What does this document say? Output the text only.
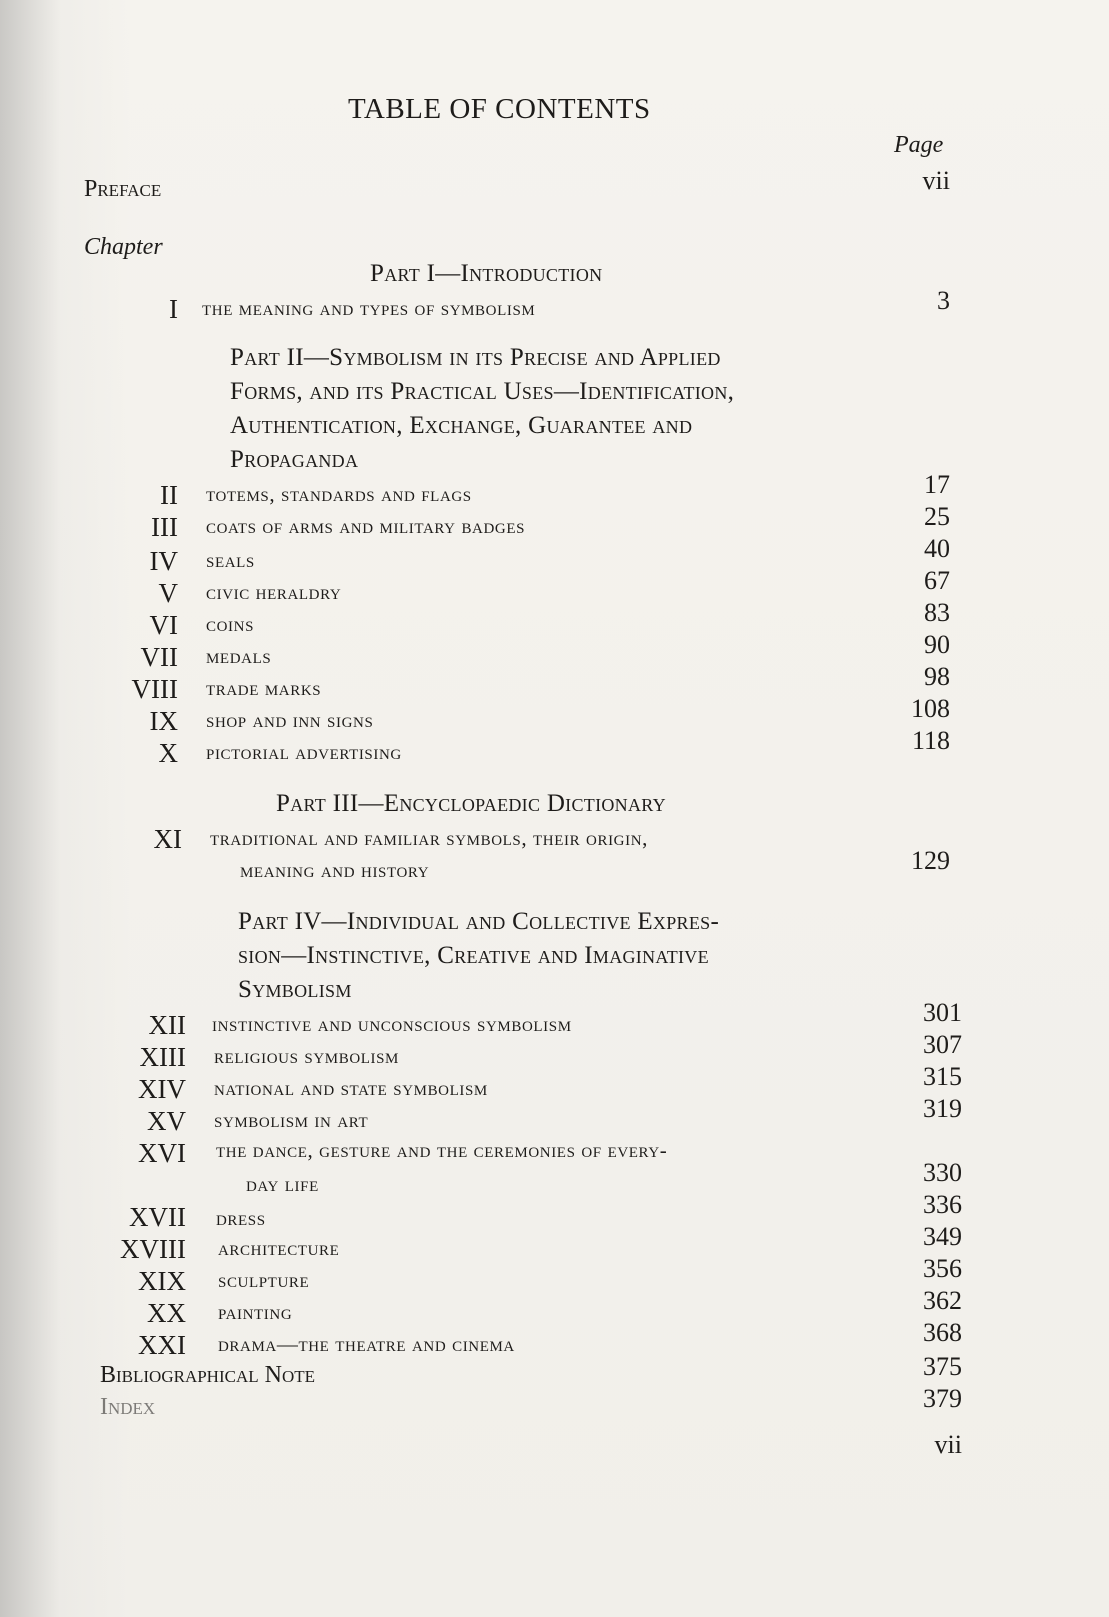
TABLE OF CONTENTS
Page
Preface	vii
Chapter
Part I—Introduction
I the meaning and types of symbolism	3
Part II—Symbolism in its Precise and Applied
Forms, and its Practical Uses—Identification,
Authentication, Exchange, Guarantee and
Propaganda
II totems, standards and flags	17
III coats of arms and military badges	25
IV seals	40
V civic heraldry	67
VI coins	83
VII medals	90
VIII trade marks	98
IX shop and inn signs	108
X pictorial advertising	118
Part III—Encyclopaedic Dictionary
XI traditional and familiar symbols, their origin,
meaning and history	129
Part IV—Individual and Collective Expres-
sion—Instinctive, Creative and Imaginative
Symbolism
XII instinctive and unconscious symbolism	301
XIII religious symbolism	307
XIV national and state symbolism	315
XV symbolism in art	319
XVI the dance, gesture and the ceremonies of every-
day life	330
XVII dress	336
XVIII architecture	349
XIX sculpture	356
XX painting	362
XXI drama—the theatre and cinema	368
Bibliographical Note	375
Index	379
vii
